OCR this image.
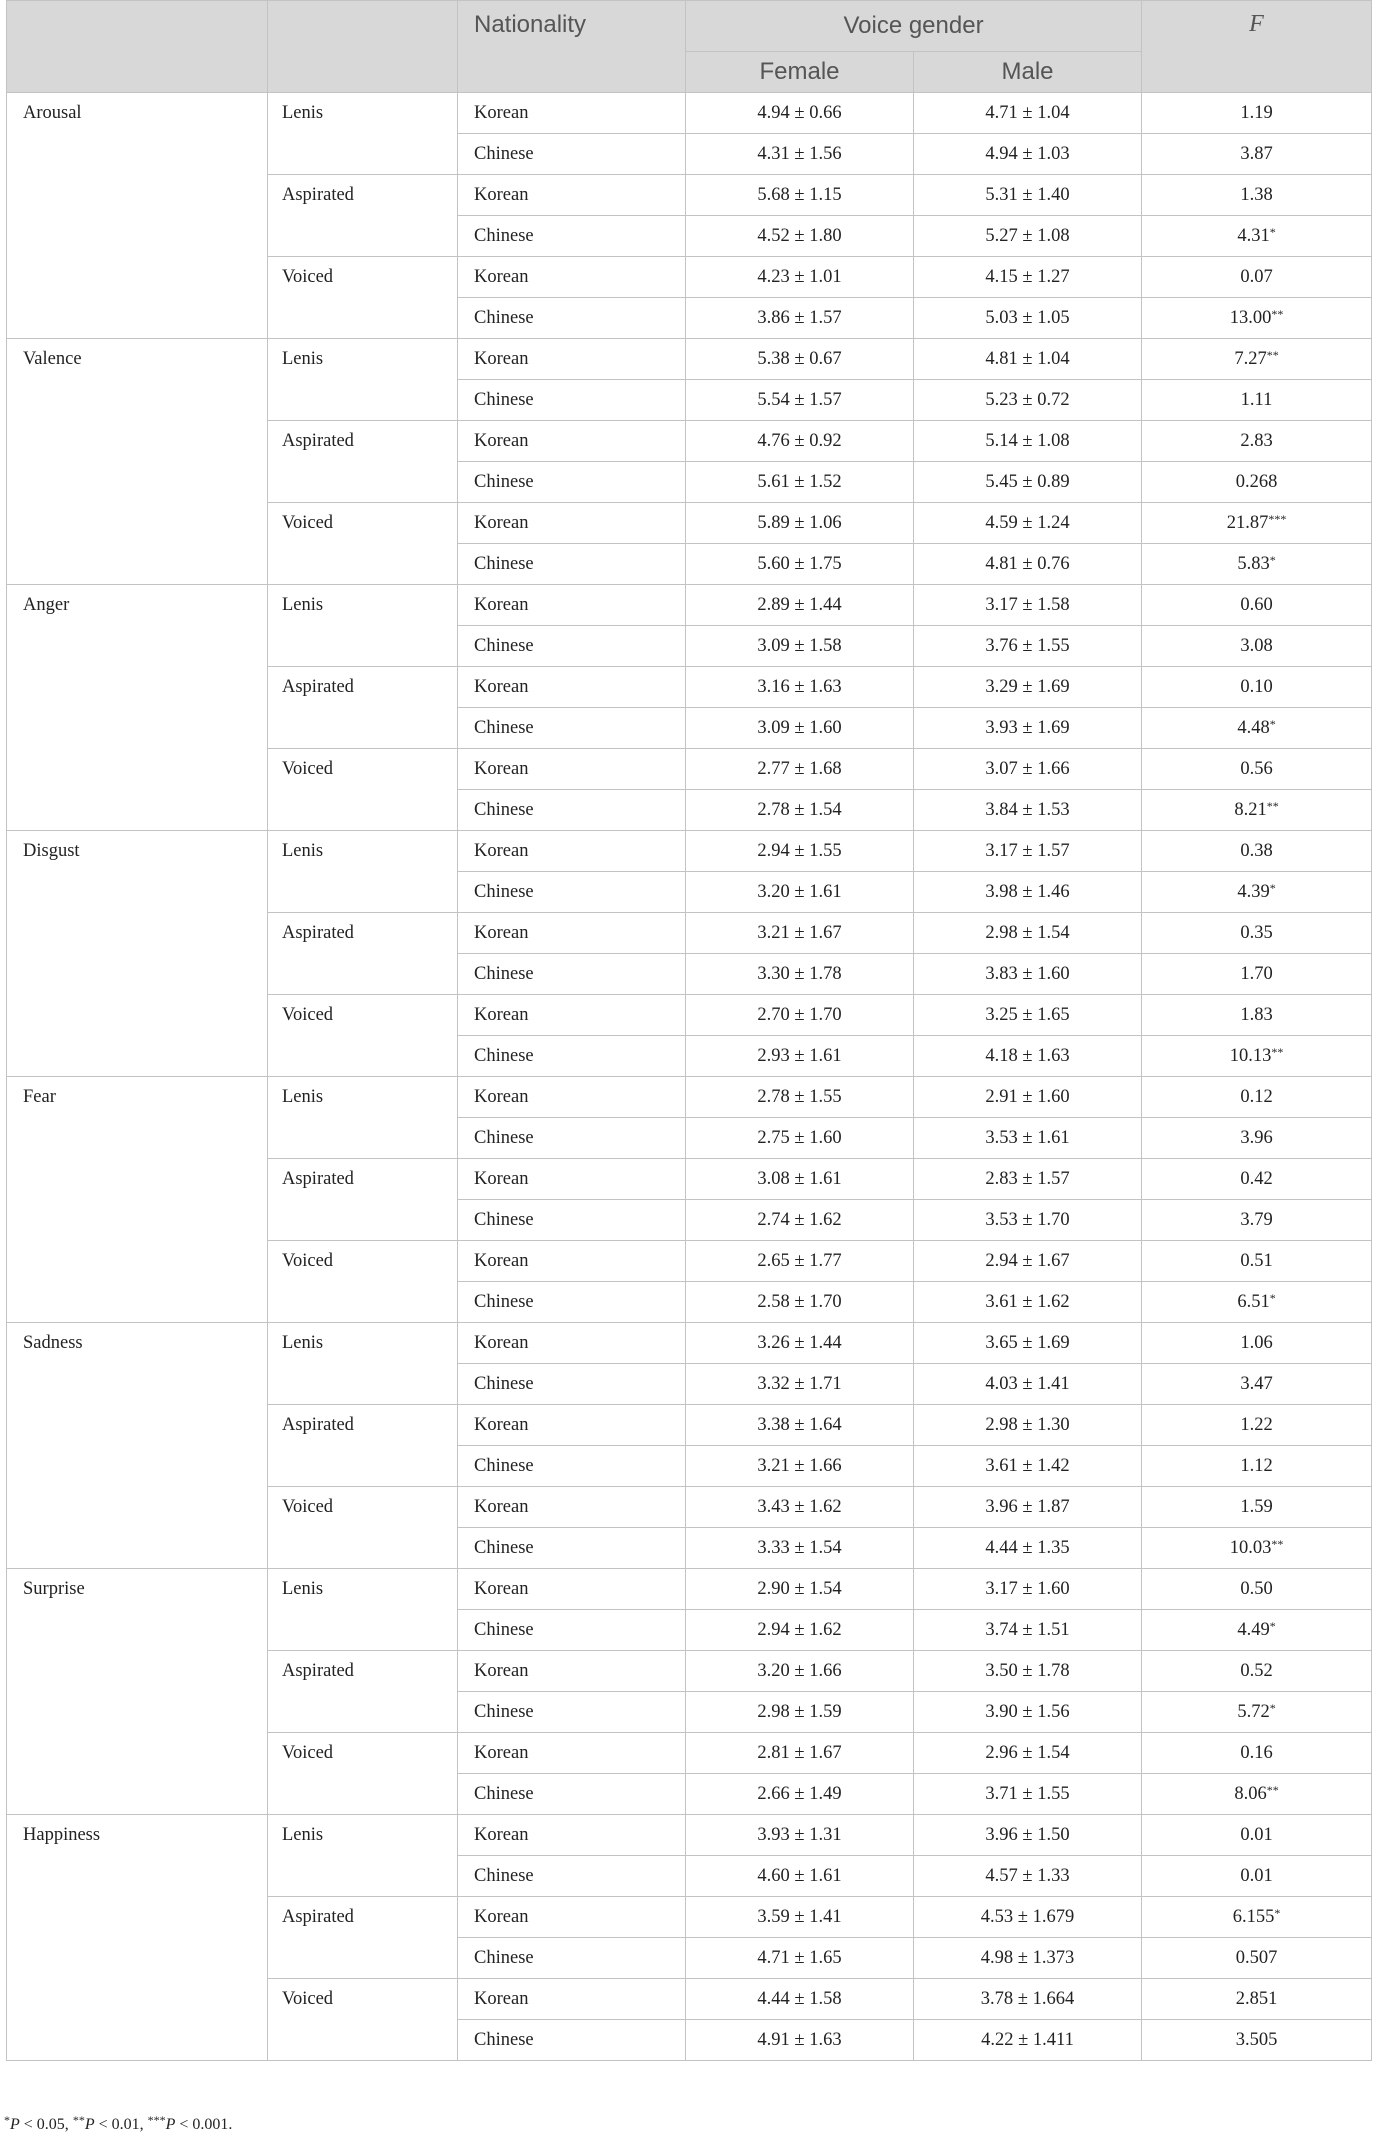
		Nationality	Voice gender		F
			Female	Male	

Arousal	Lenis	Korean	4.94 ± 0.66	4.71 ± 1.04	1.19

		Chinese	4.31 ± 1.56	4.94 ± 1.03	3.87

	Aspirated	Korean	5.68 ± 1.15	5.31 ± 1.40	1.38

		Chinese	4.52 ± 1.80	5.27 ± 1.08	4.31*

	Voiced	Korean	4.23 ± 1.01	4.15 ± 1.27	0.07

		Chinese	3.86 ± 1.57	5.03 ± 1.05	13.00**

Valence	Lenis	Korean	5.38 ± 0.67	4.81 ± 1.04	7.27**

		Chinese	5.54 ± 1.57	5.23 ± 0.72	1.11

	Aspirated	Korean	4.76 ± 0.92	5.14 ± 1.08	2.83

		Chinese	5.61 ± 1.52	5.45 ± 0.89	0.268

	Voiced	Korean	5.89 ± 1.06	4.59 ± 1.24	21.87***

		Chinese	5.60 ± 1.75	4.81 ± 0.76	5.83*

Anger	Lenis	Korean	2.89 ± 1.44	3.17 ± 1.58	0.60

		Chinese	3.09 ± 1.58	3.76 ± 1.55	3.08

	Aspirated	Korean	3.16 ± 1.63	3.29 ± 1.69	0.10

		Chinese	3.09 ± 1.60	3.93 ± 1.69	4.48*

	Voiced	Korean	2.77 ± 1.68	3.07 ± 1.66	0.56

		Chinese	2.78 ± 1.54	3.84 ± 1.53	8.21**

Disgust	Lenis	Korean	2.94 ± 1.55	3.17 ± 1.57	0.38

		Chinese	3.20 ± 1.61	3.98 ± 1.46	4.39*

	Aspirated	Korean	3.21 ± 1.67	2.98 ± 1.54	0.35

		Chinese	3.30 ± 1.78	3.83 ± 1.60	1.70

	Voiced	Korean	2.70 ± 1.70	3.25 ± 1.65	1.83

		Chinese	2.93 ± 1.61	4.18 ± 1.63	10.13**

Fear	Lenis	Korean	2.78 ± 1.55	2.91 ± 1.60	0.12

		Chinese	2.75 ± 1.60	3.53 ± 1.61	3.96

	Aspirated	Korean	3.08 ± 1.61	2.83 ± 1.57	0.42

		Chinese	2.74 ± 1.62	3.53 ± 1.70	3.79

	Voiced	Korean	2.65 ± 1.77	2.94 ± 1.67	0.51

		Chinese	2.58 ± 1.70	3.61 ± 1.62	6.51*

Sadness	Lenis	Korean	3.26 ± 1.44	3.65 ± 1.69	1.06

		Chinese	3.32 ± 1.71	4.03 ± 1.41	3.47

	Aspirated	Korean	3.38 ± 1.64	2.98 ± 1.30	1.22

		Chinese	3.21 ± 1.66	3.61 ± 1.42	1.12

	Voiced	Korean	3.43 ± 1.62	3.96 ± 1.87	1.59

		Chinese	3.33 ± 1.54	4.44 ± 1.35	10.03**

Surprise	Lenis	Korean	2.90 ± 1.54	3.17 ± 1.60	0.50

		Chinese	2.94 ± 1.62	3.74 ± 1.51	4.49*

	Aspirated	Korean	3.20 ± 1.66	3.50 ± 1.78	0.52

		Chinese	2.98 ± 1.59	3.90 ± 1.56	5.72*

	Voiced	Korean	2.81 ± 1.67	2.96 ± 1.54	0.16

		Chinese	2.66 ± 1.49	3.71 ± 1.55	8.06**

Happiness	Lenis	Korean	3.93 ± 1.31	3.96 ± 1.50	0.01

		Chinese	4.60 ± 1.61	4.57 ± 1.33	0.01

	Aspirated	Korean	3.59 ± 1.41	4.53 ± 1.679	6.155*

		Chinese	4.71 ± 1.65	4.98 ± 1.373	0.507

	Voiced	Korean	4.44 ± 1.58	3.78 ± 1.664	2.851

		Chinese	4.91 ± 1.63	4.22 ± 1.411	3.505
*P < 0.05, **P < 0.01, ***P < 0.001.
